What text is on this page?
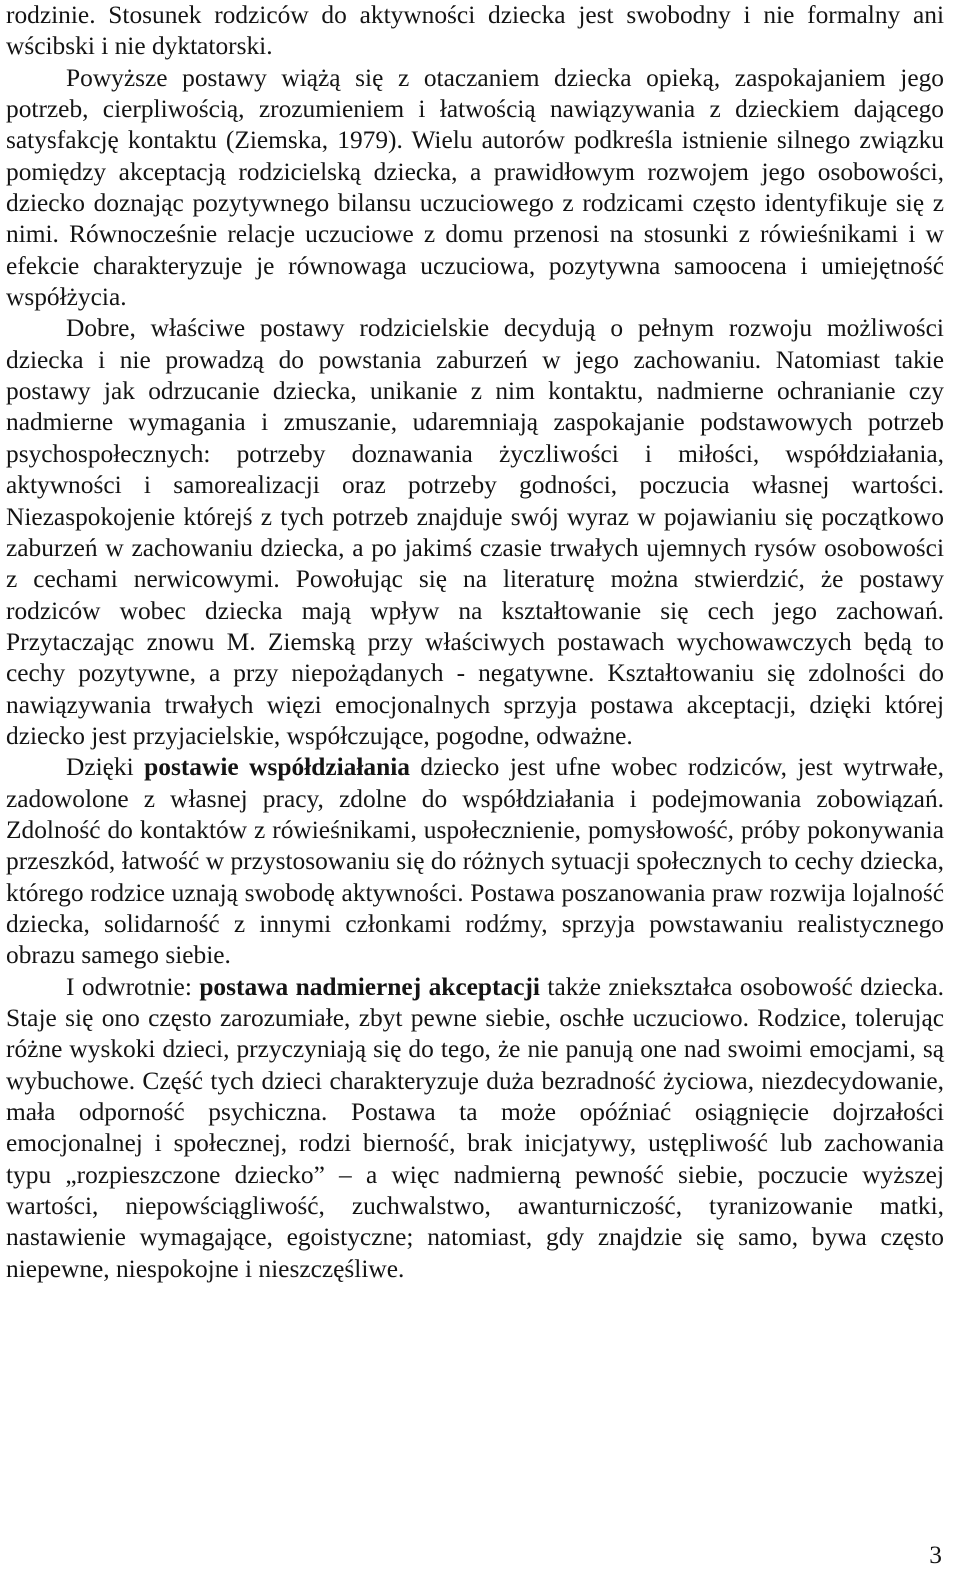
rodzinie. Stosunek rodziców do aktywności dziecka jest swobodny i nie formalny ani wścibski i nie dyktatorski.

Powyższe postawy wiążą się z otaczaniem dziecka opieką, zaspokajaniem jego potrzeb, cierpliwością, zrozumieniem i łatwością nawiązywania z dzieckiem dającego satysfakcję kontaktu (Ziemska, 1979). Wielu autorów podkreśla istnienie silnego związku pomiędzy akceptacją rodzicielską dziecka, a prawidłowym rozwojem jego osobowości, dziecko doznając pozytywnego bilansu uczuciowego z rodzicami często identyfikuje się z nimi. Równocześnie relacje uczuciowe z domu przenosi na stosunki z rówieśnikami i w efekcie charakteryzuje je równowaga uczuciowa, pozytywna samoocena i umiejętność współżycia.

Dobre, właściwe postawy rodzicielskie decydują o pełnym rozwoju możliwości dziecka i nie prowadzą do powstania zaburzeń w jego zachowaniu. Natomiast takie postawy jak odrzucanie dziecka, unikanie z nim kontaktu, nadmierne ochranianie czy nadmierne wymagania i zmuszanie, udaremniają zaspokajanie podstawowych potrzeb psychospołecznych: potrzeby doznawania życzliwości i miłości, współdziałania, aktywności i samorealizacji oraz potrzeby godności, poczucia własnej wartości. Niezaspokojenie którejś z tych potrzeb znajduje swój wyraz w pojawianiu się początkowo zaburzeń w zachowaniu dziecka, a po jakimś czasie trwałych ujemnych rysów osobowości z cechami nerwicowymi. Powołując się na literaturę można stwierdzić, że postawy rodziców wobec dziecka mają wpływ na kształtowanie się cech jego zachowań. Przytaczając znowu M. Ziemską przy właściwych postawach wychowawczych będą to cechy pozytywne, a przy niepożądanych - negatywne. Kształtowaniu się zdolności do nawiązywania trwałych więzi emocjonalnych sprzyja postawa akceptacji, dzięki której dziecko jest przyjacielskie, współczujące, pogodne, odważne.

Dzięki postawie współdziałania dziecko jest ufne wobec rodziców, jest wytrwałe, zadowolone z własnej pracy, zdolne do współdziałania i podejmowania zobowiązań. Zdolność do kontaktów z rówieśnikami, uspołecznienie, pomysłowość, próby pokonywania przeszkód, łatwość w przystosowaniu się do różnych sytuacji społecznych to cechy dziecka, którego rodzice uznają swobodę aktywności. Postawa poszanowania praw rozwija lojalność dziecka, solidarność z innymi członkami rodźmy, sprzyja powstawaniu realistycznego obrazu samego siebie.

I odwrotnie: postawa nadmiernej akceptacji także zniekształca osobowość dziecka. Staje się ono często zarozumiałe, zbyt pewne siebie, oschłe uczuciowo. Rodzice, tolerując różne wyskoki dzieci, przyczyniają się do tego, że nie panują one nad swoimi emocjami, są wybuchowe. Część tych dzieci charakteryzuje duża bezradność życiowa, niezdecydowanie, mała odporność psychiczna. Postawa ta może opóźniać osiągnięcie dojrzałości emocjonalnej i społecznej, rodzi bierność, brak inicjatywy, ustępliwość lub zachowania typu „rozpieszczone dziecko” – a więc nadmierną pewność siebie, poczucie wyższej wartości, niepowściągliwość, zuchwalstwo, awanturniczość, tyranizowanie matki, nastawienie wymagające, egoistyczne; natomiast, gdy znajdzie się samo, bywa często niepewne, niespokojne i nieszczęśliwe.

3
